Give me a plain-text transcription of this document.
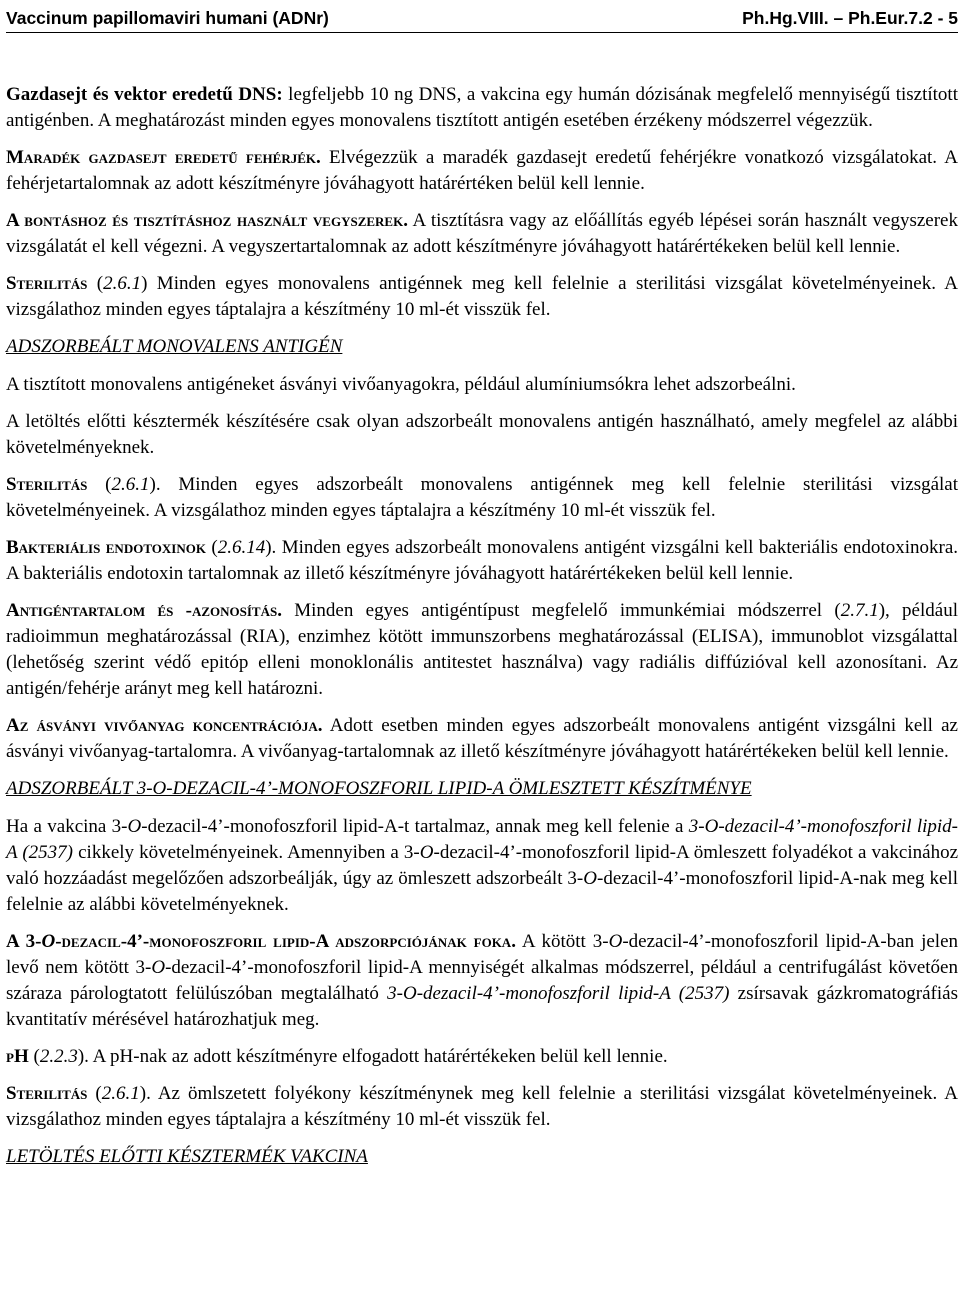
Vaccinum papillomaviri humani (ADNr)	Ph.Hg.VIII. – Ph.Eur.7.2 - 5

Gazdasejt és vektor eredetű DNS: legfeljebb 10 ng DNS, a vakcina egy humán dózisának megfelelő mennyiségű tisztított antigénben. A meghatározást minden egyes monovalens tisztított antigén esetében érzékeny módszerrel végezzük.

Maradék gazdasejt eredetű fehérjék. Elvégezzük a maradék gazdasejt eredetű fehérjékre vonatkozó vizsgálatokat. A fehérjetartalomnak az adott készítményre jóváhagyott határértéken belül kell lennie.

A bontáshoz és tisztításhoz használt vegyszerek. A tisztításra vagy az előállítás egyéb lépései során használt vegyszerek vizsgálatát el kell végezni. A vegyszertartalomnak az adott készítményre jóváhagyott határértékeken belül kell lennie.

Sterilitás (2.6.1) Minden egyes monovalens antigénnek meg kell felelnie a sterilitási vizsgálat követelményeinek. A vizsgálathoz minden egyes táptalajra a készítmény 10 ml-ét visszük fel.

ADSZORBEÁLT MONOVALENS ANTIGÉN

A tisztított monovalens antigéneket ásványi vivőanyagokra, például alumíniumsókra lehet adszorbeálni.

A letöltés előtti késztermék készítésére csak olyan adszorbeált monovalens antigén használható, amely megfelel az alábbi követelményeknek.

Sterilitás (2.6.1). Minden egyes adszorbeált monovalens antigénnek meg kell felelnie sterilitási vizsgálat követelményeinek. A vizsgálathoz minden egyes táptalajra a készítmény 10 ml-ét visszük fel.

Bakteriális endotoxinok (2.6.14). Minden egyes adszorbeált monovalens antigént vizsgálni kell bakteriális endotoxinokra. A bakteriális endotoxin tartalomnak az illető készítményre jóváhagyott határértékeken belül kell lennie.

Antigéntartalom és -azonosítás. Minden egyes antigéntípust megfelelő immunkémiai módszerrel (2.7.1), például radioimmun meghatározással (RIA), enzimhez kötött immunszorbens meghatározással (ELISA), immunoblot vizsgálattal (lehetőség szerint védő epitóp elleni monoklonális antitestet használva) vagy radiális diffúzióval kell azonosítani. Az antigén/fehérje arányt meg kell határozni.

Az ásványi vivőanyag koncentrációja. Adott esetben minden egyes adszorbeált monovalens antigént vizsgálni kell az ásványi vivőanyag-tartalomra. A vivőanyag-tartalomnak az illető készítményre jóváhagyott határértékeken belül kell lennie.

ADSZORBEÁLT 3-O-DEZACIL-4’-MONOFOSZFORIL LIPID-A ÖMLESZTETT KÉSZÍTMÉNYE

Ha a vakcina 3-O-dezacil-4’-monofoszforil lipid-A-t tartalmaz, annak meg kell felenie a 3-O-dezacil-4’-monofoszforil lipid-A (2537) cikkely követelményeinek. Amennyiben a 3-O-dezacil-4’-monofoszforil lipid-A ömleszett folyadékot a vakcinához való hozzáadást megelőzően adszorbeálják, úgy az ömleszett adszorbeált 3-O-dezacil-4’-monofoszforil lipid-A-nak meg kell felelnie az alábbi követelményeknek.

A 3-O-dezacil-4’-monofoszforil lipid-A adszorpciójának foka. A kötött 3-O-dezacil-4’-monofoszforil lipid-A-ban jelen levő nem kötött 3-O-dezacil-4’-monofoszforil lipid-A mennyiségét alkalmas módszerrel, például a centrifugálást követően száraza párologtatott felülúszóban megtalálható 3-O-dezacil-4’-monofoszforil lipid-A (2537) zsírsavak gázkromatográfiás kvantitatív mérésével határozhatjuk meg.

pH (2.2.3). A pH-nak az adott készítményre elfogadott határértékeken belül kell lennie.

Sterilitás (2.6.1). Az ömlszetett folyékony készítménynek meg kell felelnie a sterilitási vizsgálat követelményeinek. A vizsgálathoz minden egyes táptalajra a készítmény 10 ml-ét visszük fel.

LETÖLTÉS ELŐTTI KÉSZTERMÉK VAKCINA
